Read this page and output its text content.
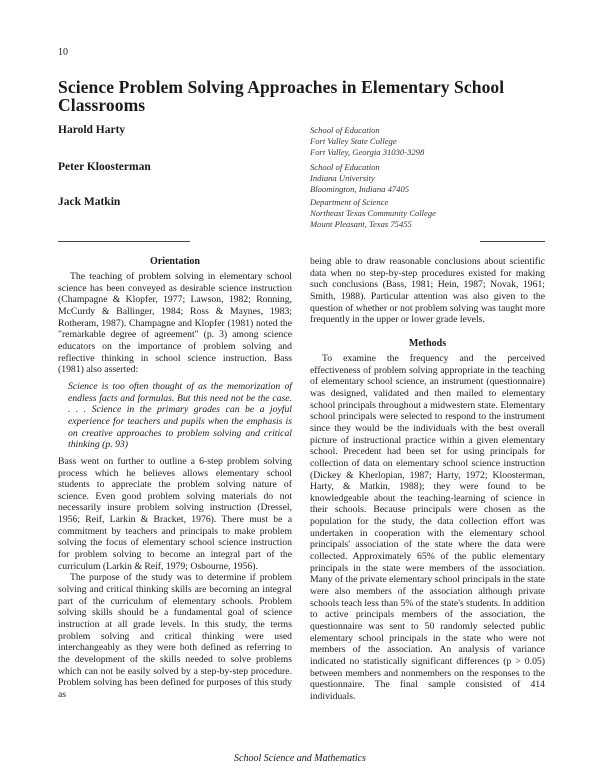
10
Science Problem Solving Approaches in Elementary School Classrooms
Harold Harty	School of Education
Fort Valley State College
Fort Valley, Georgia 31030-3298
Peter Kloosterman	School of Education
Indiana University
Bloomington, Indiana 47405
Jack Matkin	Department of Science
Northeast Texas Community College
Mount Pleasant, Texas 75455
Orientation

The teaching of problem solving in elementary school science has been conveyed as desirable science instruction (Champagne & Klopfer, 1977; Lawson, 1982; Ronning, McCurdy & Ballinger, 1984; Ross & Maynes, 1983; Rotheram, 1987). Champagne and Klopfer (1981) noted the "remarkable degree of agreement" (p. 3) among science educators on the importance of problem solving and reflective thinking in school science instruction. Bass (1981) also asserted:

Science is too often thought of as the memorization of endless facts and formulas. But this need not be the case. . . . Science in the primary grades can be a joyful experience for teachers and pupils when the emphasis is on creative approaches to problem solving and critical thinking (p. 93)

Bass went on further to outline a 6-step problem solving process which he believes allows elementary school students to appreciate the problem solving nature of science. Even good problem solving materials do not necessarily insure problem solving instruction (Dressel, 1956; Reif, Larkin & Bracket, 1976). There must be a commitment by teachers and principals to make problem solving the focus of elementary school science instruction for problem solving to become an integral part of the curriculum (Larkin & Reif, 1979; Osbourne, 1956).

The purpose of the study was to determine if problem solving and critical thinking skills are becoming an integral part of the curriculum of elementary schools. Problem solving skills should be a fundamental goal of science instruction at all grade levels. In this study, the terms problem solving and critical thinking were used interchangeably as they were both defined as referring to the development of the skills needed to solve problems which can not be easily solved by a step-by-step procedure. Problem solving has been defined for purposes of this study as

being able to draw reasonable conclusions about scientific data when no step-by-step procedures existed for making such conclusions (Bass, 1981; Hein, 1987; Novak, 1961; Smith, 1988). Particular attention was also given to the question of whether or not problem solving was taught more frequently in the upper or lower grade levels.

Methods

To examine the frequency and the perceived effectiveness of problem solving appropriate in the teaching of elementary school science, an instrument (questionnaire) was designed, validated and then mailed to elementary school principals throughout a midwestern state. Elementary school principals were selected to respond to the instrument since they would be the individuals with the best overall picture of instructional practice within a given elementary school. Precedent had been set for using principals for collection of data on elementary school science instruction (Dickey & Kherlopian, 1987; Harty, 1972; Kloosterman, Harty, & Matkin, 1988); they were found to be knowledgeable about the teaching-learning of science in their schools. Because principals were chosen as the population for the study, the data collection effort was undertaken in cooperation with the elementary school principals' association of the state where the data were collected. Approximately 65% of the public elementary principals in the state were members of the association. Many of the private elementary school principals in the state were also members of the association although private schools teach less than 5% of the state's students. In addition to active principals members of the association, the questionnaire was sent to 50 randomly selected public elementary school principals in the state who were not members of the association. An analysis of variance indicated no statistically significant differences (p > 0.05) between members and nonmembers on the responses to the questionnaire. The final sample consisted of 414 individuals.

School Science and Mathematics
